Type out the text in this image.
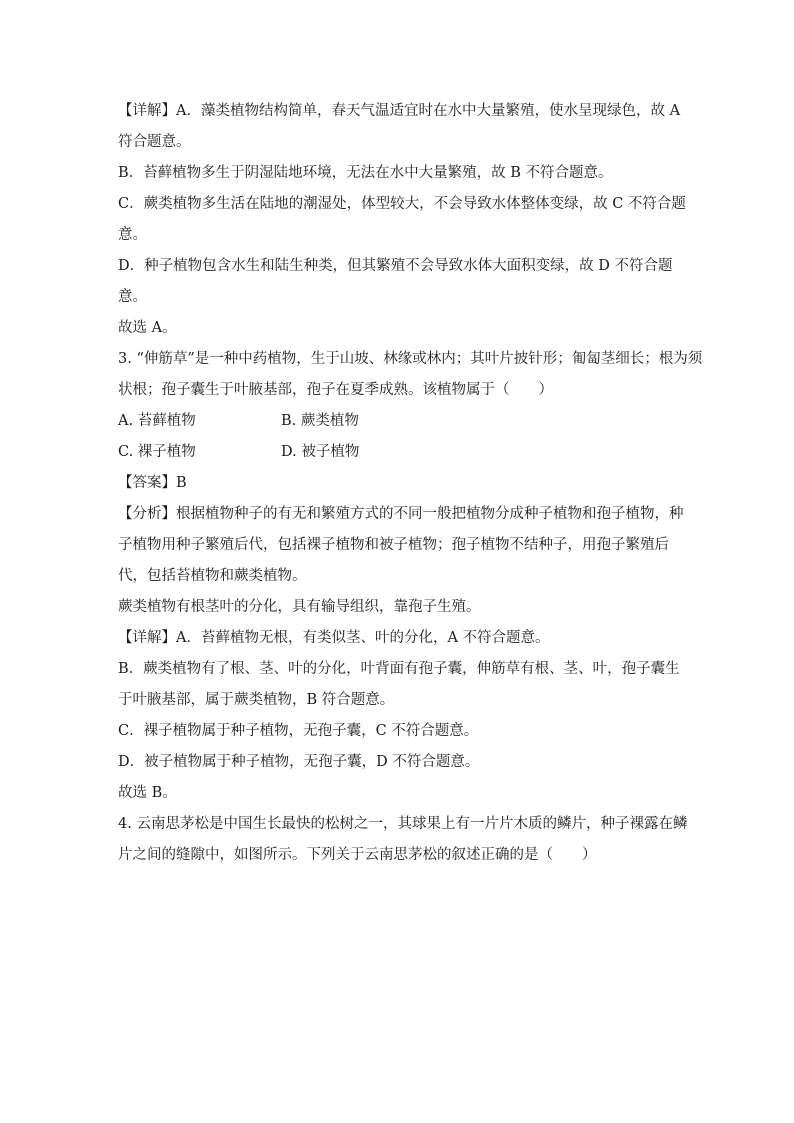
【详解】A．藻类植物结构简单，春天气温适宜时在水中大量繁殖，使水呈现绿色，故 A
符合题意。
B．苔藓植物多生于阴湿陆地环境，无法在水中大量繁殖，故 B 不符合题意。
C．蕨类植物多生活在陆地的潮湿处，体型较大，不会导致水体整体变绿，故 C 不符合题
意。
D．种子植物包含水生和陆生种类，但其繁殖不会导致水体大面积变绿，故 D 不符合题
意。
故选 A。
3. “伸筋草”是一种中药植物，生于山坡、林缘或林内；其叶片披针形；匍匐茎细长；根为须
状根；孢子囊生于叶腋基部，孢子在夏季成熟。该植物属于（　　）
A. 苔藓植物	B. 蕨类植物
C. 裸子植物	D. 被子植物
【答案】B
【分析】根据植物种子的有无和繁殖方式的不同一般把植物分成种子植物和孢子植物，种
子植物用种子繁殖后代，包括裸子植物和被子植物；孢子植物不结种子，用孢子繁殖后
代，包括苔植物和蕨类植物。
蕨类植物有根茎叶的分化，具有输导组织，靠孢子生殖。
【详解】A．苔藓植物无根，有类似茎、叶的分化，A 不符合题意。
B．蕨类植物有了根、茎、叶的分化，叶背面有孢子囊，伸筋草有根、茎、叶，孢子囊生
于叶腋基部，属于蕨类植物，B 符合题意。
C．裸子植物属于种子植物，无孢子囊，C 不符合题意。
D．被子植物属于种子植物，无孢子囊，D 不符合题意。
故选 B。
4. 云南思茅松是中国生长最快的松树之一，其球果上有一片片木质的鳞片，种子裸露在鳞
片之间的缝隙中，如图所示。下列关于云南思茅松的叙述正确的是（　　）
